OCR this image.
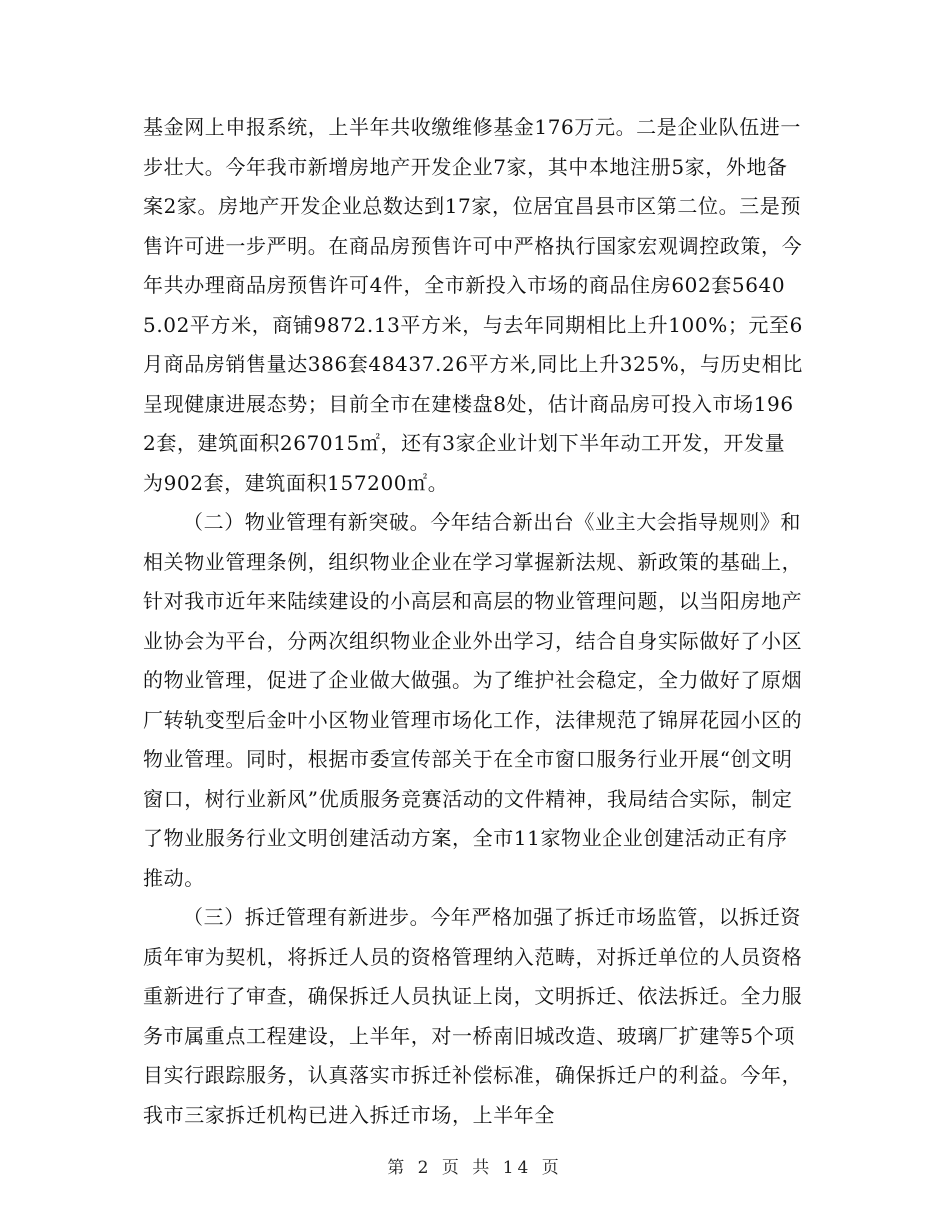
基金网上申报系统，上半年共收缴维修基金176万元。二是企业队伍进一步壮大。今年我市新增房地产开发企业7家，其中本地注册5家，外地备案2家。房地产开发企业总数达到17家，位居宜昌县市区第二位。三是预售许可进一步严明。在商品房预售许可中严格执行国家宏观调控政策，今年共办理商品房预售许可4件，全市新投入市场的商品住房602套56405.02平方米，商铺9872.13平方米，与去年同期相比上升100%；元至6月商品房销售量达386套48437.26平方米,同比上升325%，与历史相比呈现健康进展态势；目前全市在建楼盘8处，估计商品房可投入市场1962套，建筑面积267015㎡，还有3家企业计划下半年动工开发，开发量为902套，建筑面积157200㎡。

（二）物业管理有新突破。今年结合新出台《业主大会指导规则》和相关物业管理条例，组织物业企业在学习掌握新法规、新政策的基础上，针对我市近年来陆续建设的小高层和高层的物业管理问题，以当阳房地产业协会为平台，分两次组织物业企业外出学习，结合自身实际做好了小区的物业管理，促进了企业做大做强。为了维护社会稳定，全力做好了原烟厂转轨变型后金叶小区物业管理市场化工作，法律规范了锦屏花园小区的物业管理。同时，根据市委宣传部关于在全市窗口服务行业开展“创文明窗口，树行业新风”优质服务竞赛活动的文件精神，我局结合实际，制定了物业服务行业文明创建活动方案，全市11家物业企业创建活动正有序推动。

（三）拆迁管理有新进步。今年严格加强了拆迁市场监管，以拆迁资质年审为契机，将拆迁人员的资格管理纳入范畴，对拆迁单位的人员资格重新进行了审查，确保拆迁人员执证上岗，文明拆迁、依法拆迁。全力服务市属重点工程建设，上半年，对一桥南旧城改造、玻璃厂扩建等5个项目实行跟踪服务，认真落实市拆迁补偿标准，确保拆迁户的利益。今年，我市三家拆迁机构已进入拆迁市场，上半年全

第 2 页 共 14 页
